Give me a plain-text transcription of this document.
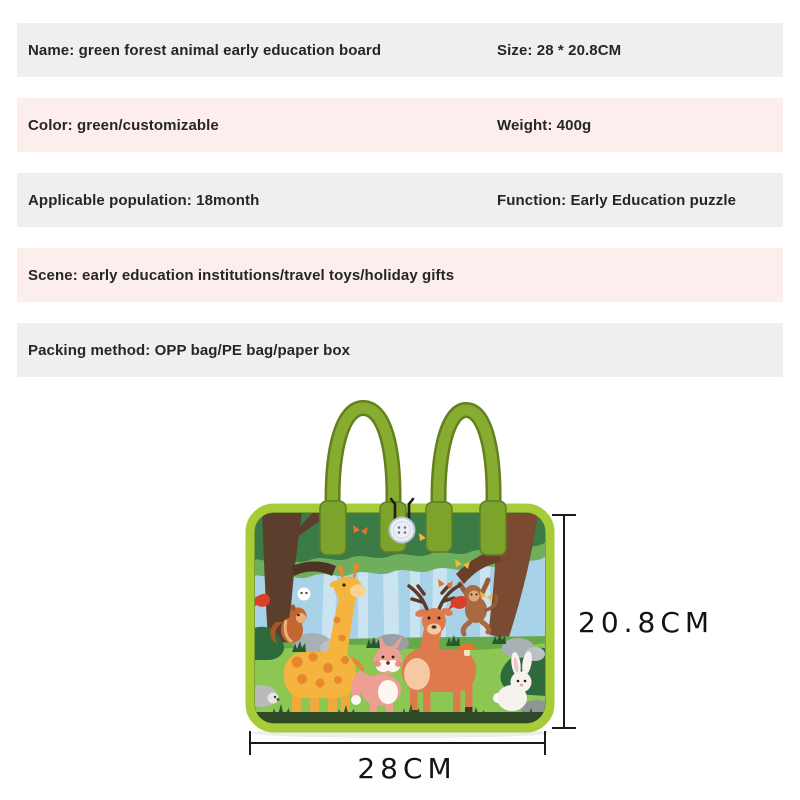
Name: green forest animal early education board	Size: 28 * 20.8CM
Color: green/customizable	Weight: 400g
Applicable population: 18month	Function: Early Education puzzle
Scene: early education institutions/travel toys/holiday gifts
Packing method: OPP bag/PE bag/paper box
20.8CM
28CM
